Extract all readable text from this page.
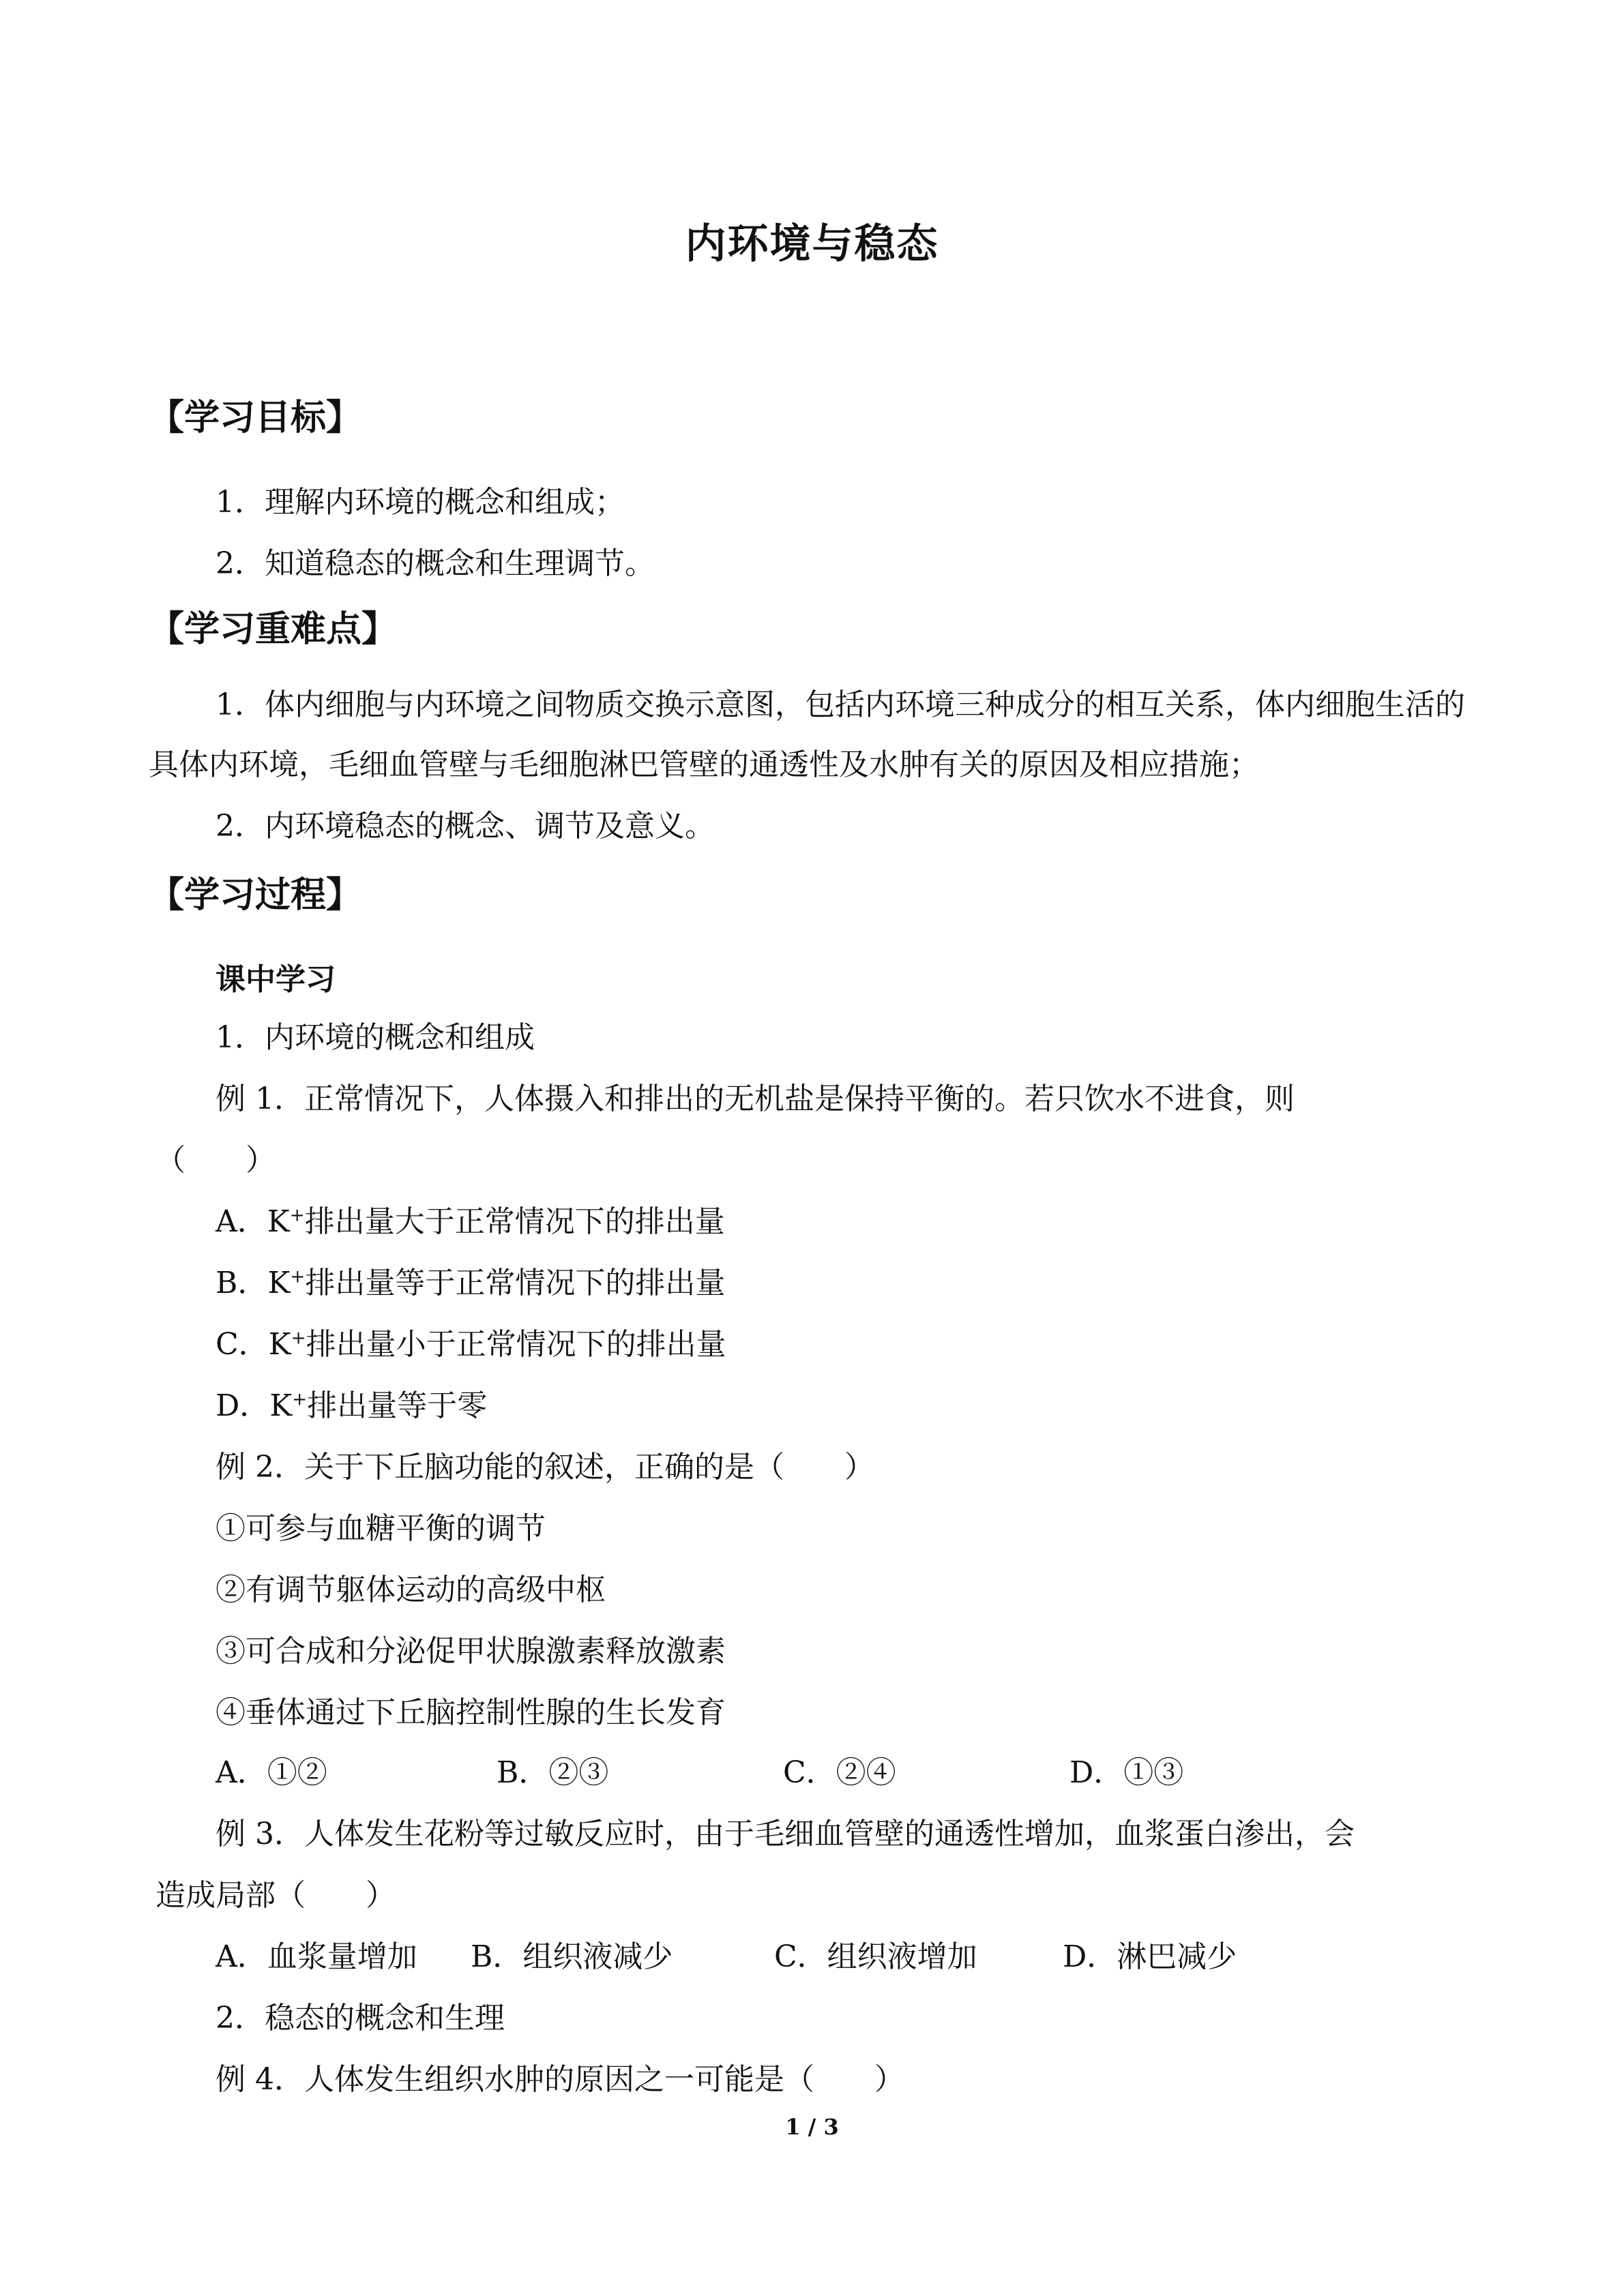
内环境与稳态
【学习目标】

1．理解内环境的概念和组成；

2．知道稳态的概念和生理调节。

【学习重难点】

1．体内细胞与内环境之间物质交换示意图，包括内环境三种成分的相互关系，体内细胞生活的具体内环境，毛细血管壁与毛细胞淋巴管壁的通透性及水肿有关的原因及相应措施；

2．内环境稳态的概念、调节及意义。

【学习过程】

课中学习

1．内环境的概念和组成

例 1．正常情况下，人体摄入和排出的无机盐是保持平衡的。若只饮水不进食，则

（　　）

A．K+排出量大于正常情况下的排出量

B．K+排出量等于正常情况下的排出量

C．K+排出量小于正常情况下的排出量

D．K+排出量等于零

例 2．关于下丘脑功能的叙述，正确的是（　　）

①可参与血糖平衡的调节

②有调节躯体运动的高级中枢

③可合成和分泌促甲状腺激素释放激素

④垂体通过下丘脑控制性腺的生长发育

A．①②	B．②③	C．②④	D．①③

例 3．人体发生花粉等过敏反应时，由于毛细血管壁的通透性增加，血浆蛋白渗出，会

造成局部（　　）

A．血浆量增加 B．组织液减少	C．组织液增加	D．淋巴减少

2．稳态的概念和生理

例 4．人体发生组织水肿的原因之一可能是（　　）

1 / 3
